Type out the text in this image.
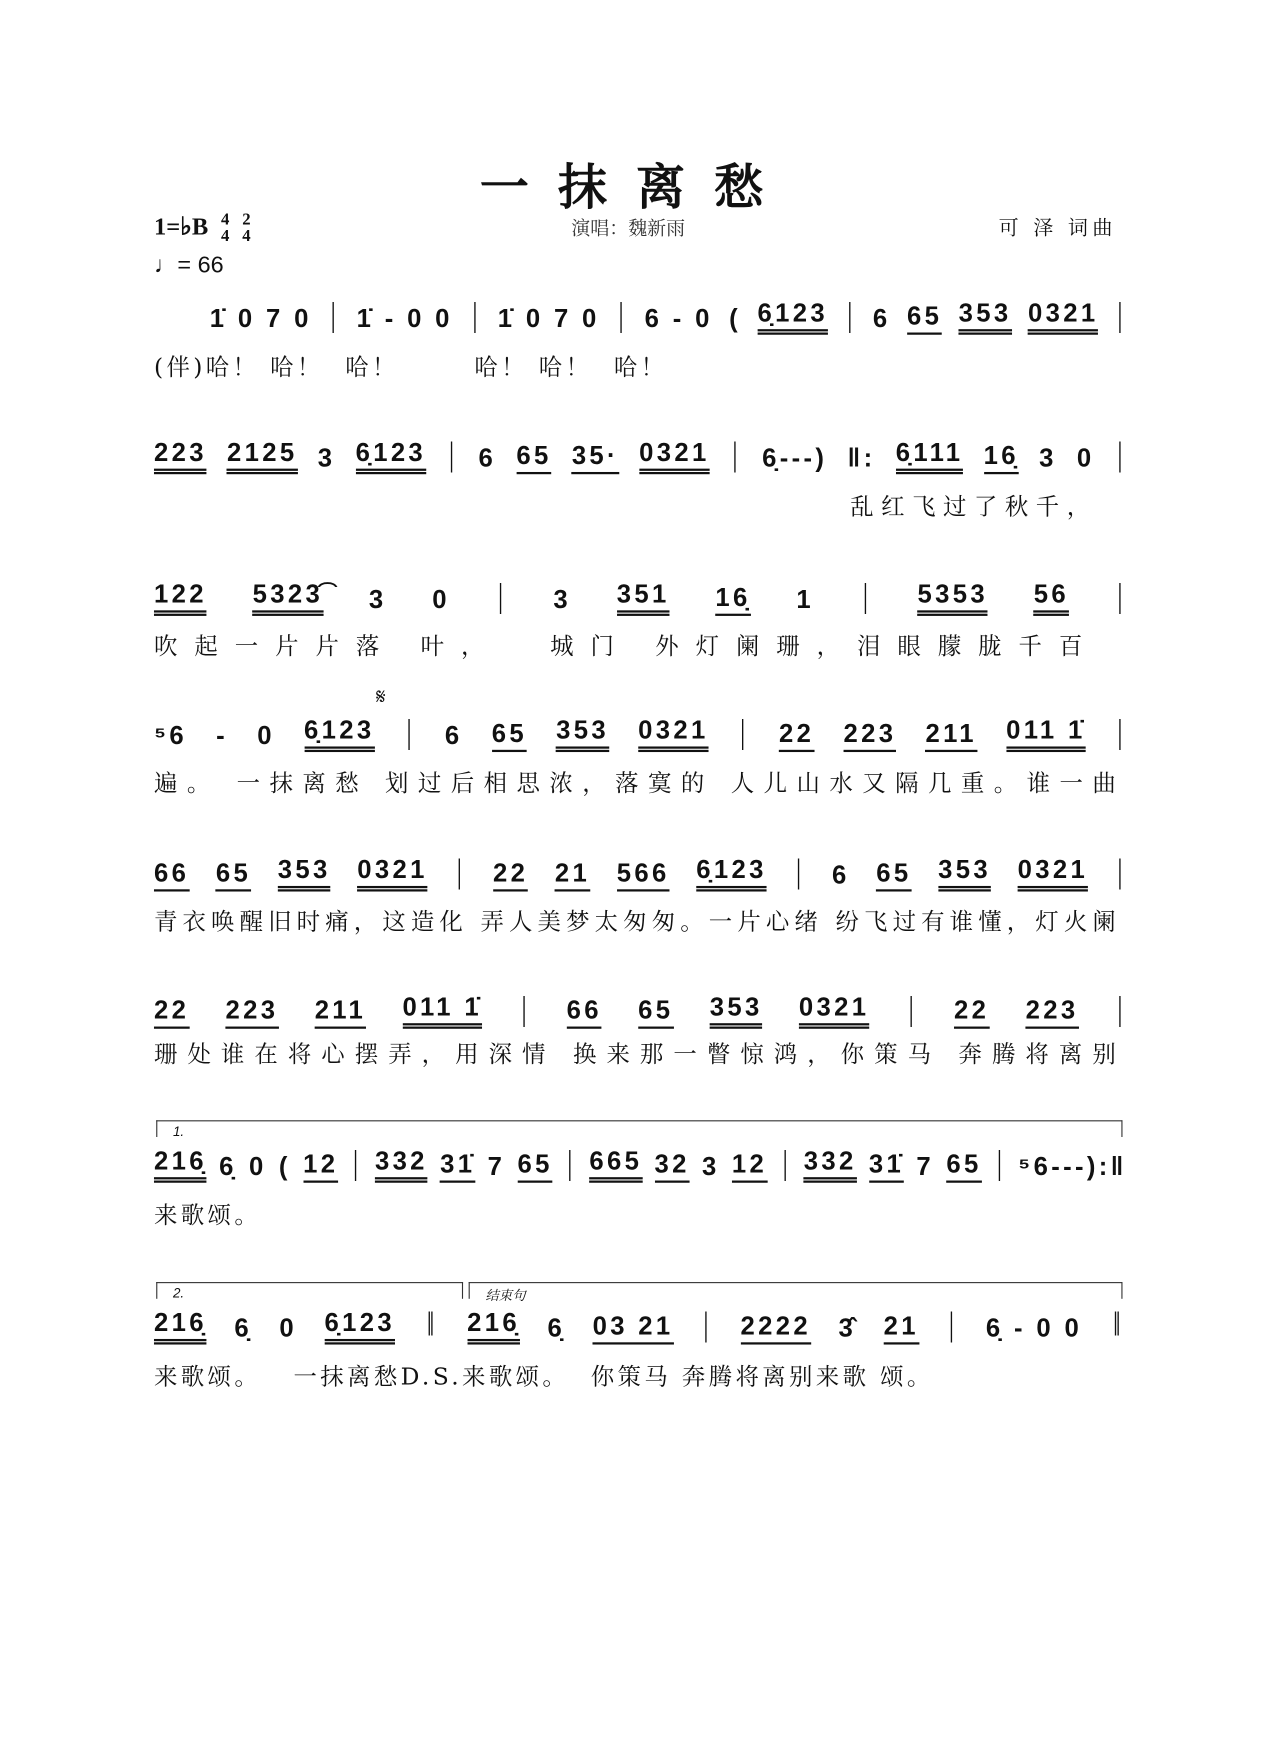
一抹离愁
1=♭B 4
4

2
4
♩= 66
演唱：魏新雨	可 泽 词曲
𝄋
1.
2.	结束句
1̇ 0 7 0 | 1̇ - 0 0 | 1̇ 0 7 0 | 6 - 0 ( 6̣123 | 6 65 353 0321 |
(伴)哈！ 哈！  哈！       哈！ 哈！  哈！
223 2125 3 6̣123 | 6 65 35· 0321 | 6̣---) ‖: 6̣111 16̣ 3 0 |
乱红飞过了秋千，
122 5323͡ 3 0 | 3 351 16̣ 1 | 5353 56 |
吹起一片片落 叶，  城门 外灯阑珊，泪眼朦胧千百
⁵6 - 0 6̣123 | 6 65 353 0321 | 22 223 211 011 1̇ |
遍。 一抹离愁 划过后相思浓，落寞的 人儿山水又隔几重。谁一曲
66 65 353 0321 | 22 21 566 6̣123 | 6 65 353 0321 |
青衣唤醒旧时痛，这造化 弄人美梦太匆匆。一片心绪 纷飞过有谁懂，灯火阑
22 223 211 011 1̇ | 66 65 353 0321 | 22 223 |
珊处谁在将心摆弄，用深情 换来那一瞥惊鸿，你策马 奔腾将离别
216̣ 6̣ 0 ( 12 | 332 31̇ 7 65 | 665 32 3 12 | 332 31̇ 7 65 | ⁵6---):‖
来歌颂。
216̣ 6̣ 0 6̣123 ‖ 216̣ 6̣ 03 21 | 2222 3̂ 21 | 6̣ - 0 0 ‖
来歌颂。   一抹离愁D.S.来歌颂。  你策马 奔腾将离别来歌 颂。
